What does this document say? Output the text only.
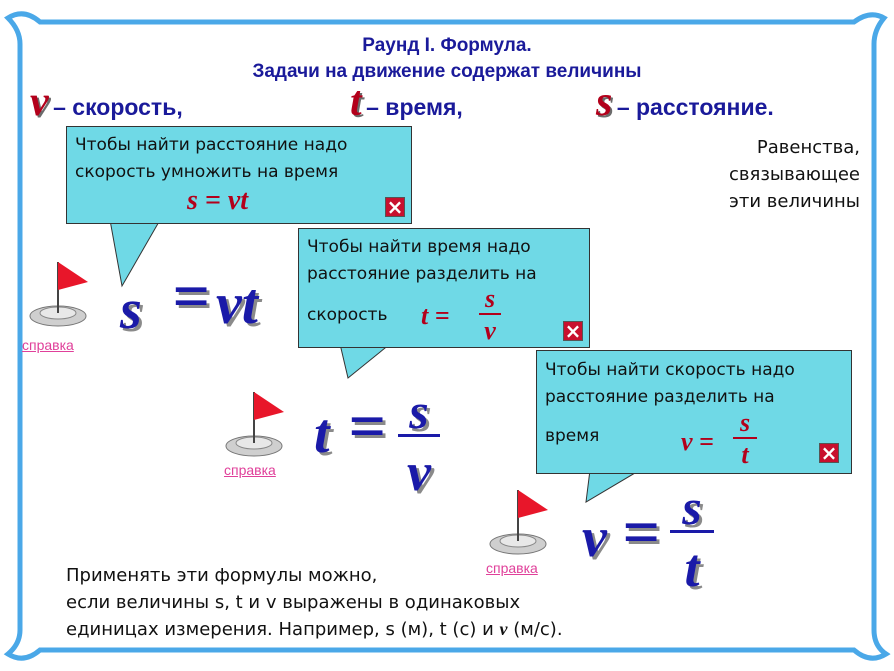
Раунд I. Формула.
Задачи на движение содержат величины
v – скорость,	t – время,	s – расстояние.
Равенства,
связывающее
эти величины
Чтобы найти расстояние надо
скорость умножить на время
s = vt	×
Чтобы найти время надо
расстояние разделить на
скорость	t =
s
v	×
Чтобы найти скорость надо
расстояние разделить на
время	v =
s
t	×
справка
справка
справка
s = vt
t = s
v
v = s
t
Применять эти формулы можно,
если величины s, t и v выражены в одинаковых
единицах измерения. Например, s (м), t (с) и v (м/с).
